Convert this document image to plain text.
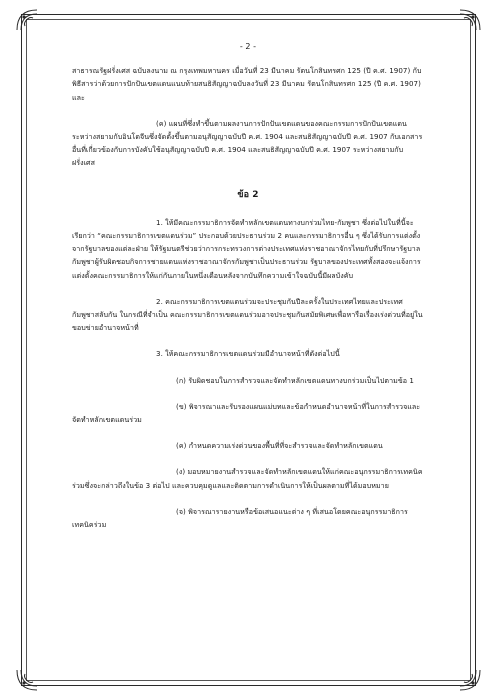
- 2 -

สาธารณรัฐฝรั่งเศส ฉบับลงนาม ณ กรุงเทพมหานคร เมื่อวันที่ 23 มีนาคม รัตนโกสินทรศก 125 (ปี ค.ศ. 1907) กับพิธีสารว่าด้วยการปักปันเขตแดนแนบท้ายสนธิสัญญาฉบับลงวันที่ 23 มีนาคม รัตนโกสินทรศก 125 (ปี ค.ศ. 1907) และ

(ค) แผนที่ซึ่งทำขึ้นตามผลงานการปักปันเขตแดนของคณะกรรมการปักปันเขตแดนระหว่างสยามกับอินโดจีนซึ่งจัดตั้งขึ้นตามอนุสัญญาฉบับปี ค.ศ. 1904 และสนธิสัญญาฉบับปี ค.ศ. 1907 กับเอกสารอื่นที่เกี่ยวข้องกับการบังคับใช้อนุสัญญาฉบับปี ค.ศ. 1904 และสนธิสัญญาฉบับปี ค.ศ. 1907 ระหว่างสยามกับฝรั่งเศส

ข้อ 2

1. ให้มีคณะกรรมาธิการจัดทำหลักเขตแดนทางบกร่วมไทย-กัมพูชา ซึ่งต่อไปในที่นี้จะเรียกว่า “คณะกรรมาธิการเขตแดนร่วม” ประกอบด้วยประธานร่วม 2 คนและกรรมาธิการอื่น ๆ ซึ่งได้รับการแต่งตั้งจากรัฐบาลของแต่ละฝ่าย ให้รัฐมนตรีช่วยว่าการกระทรวงการต่างประเทศแห่งราชอาณาจักรไทยกับที่ปรึกษารัฐบาลกัมพูชาผู้รับผิดชอบกิจการชายแดนแห่งราชอาณาจักรกัมพูชาเป็นประธานร่วม รัฐบาลของประเทศทั้งสองจะแจ้งการแต่งตั้งคณะกรรมาธิการให้แก่กันภายในหนึ่งเดือนหลังจากบันทึกความเข้าใจฉบับนี้มีผลบังคับ

2. คณะกรรมาธิการเขตแดนร่วมจะประชุมกันปีละครั้งในประเทศไทยและประเทศกัมพูชาสลับกัน ในกรณีที่จำเป็น คณะกรรมาธิการเขตแดนร่วมอาจประชุมกันสมัยพิเศษเพื่อหารือเรื่องเร่งด่วนที่อยู่ในขอบข่ายอำนาจหน้าที่

3. ให้คณะกรรมาธิการเขตแดนร่วมมีอำนาจหน้าที่ดังต่อไปนี้

(ก) รับผิดชอบในการสำรวจและจัดทำหลักเขตแดนทางบกร่วมเป็นไปตามข้อ 1

(ข) พิจารณาและรับรองแผนแม่บทและข้อกำหนดอำนาจหน้าที่ในการสำรวจและจัดทำหลักเขตแดนร่วม

(ค) กำหนดความเร่งด่วนของพื้นที่ที่จะสำรวจและจัดทำหลักเขตแดน

(ง) มอบหมายงานสำรวจและจัดทำหลักเขตแดนให้แก่คณะอนุกรรมาธิการเทคนิคร่วมซึ่งจะกล่าวถึงในข้อ 3 ต่อไป และควบคุมดูแลและติดตามการดำเนินการให้เป็นผลตามที่ได้มอบหมาย

(จ) พิจารณารายงานหรือข้อเสนอแนะต่าง ๆ ที่เสนอโดยคณะอนุกรรมาธิการเทคนิคร่วม
